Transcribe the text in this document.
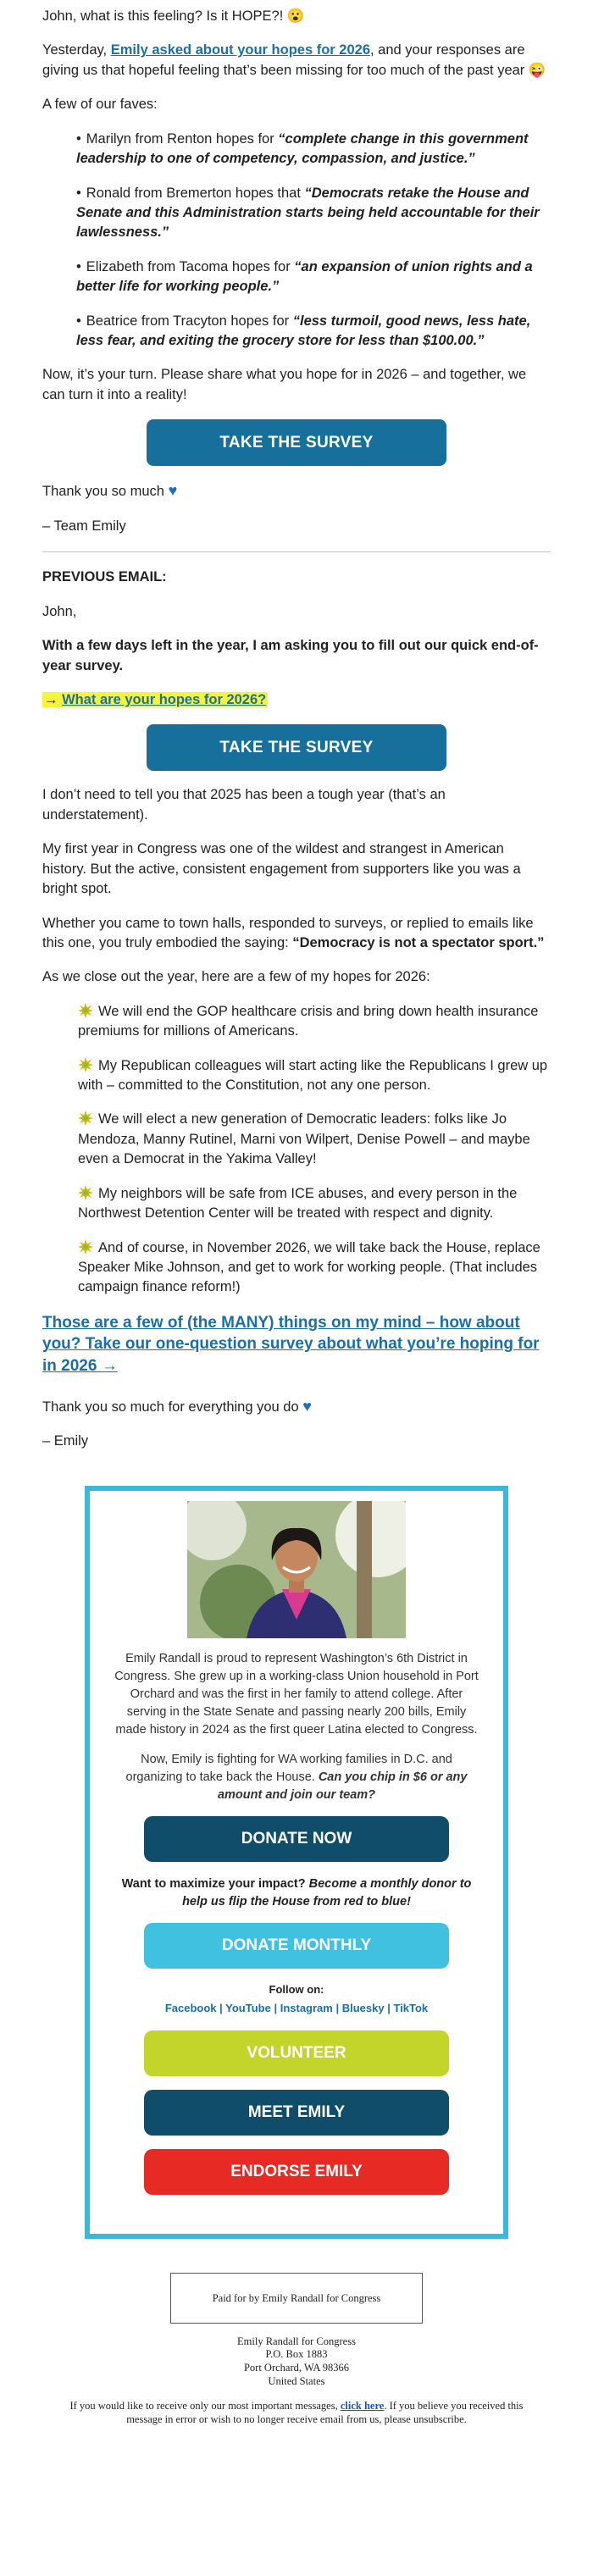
John, what is this feeling? Is it HOPE?! 😮

Yesterday, Emily asked about your hopes for 2026, and your responses are giving us that hopeful feeling that’s been missing for too much of the past year 😜

A few of our faves:

• Marilyn from Renton hopes for “complete change in this government leadership to one of competency, compassion, and justice.”
• Ronald from Bremerton hopes that “Democrats retake the House and Senate and this Administration starts being held accountable for their lawlessness.”
• Elizabeth from Tacoma hopes for “an expansion of union rights and a better life for working people.”
• Beatrice from Tracyton hopes for “less turmoil, good news, less hate, less fear, and exiting the grocery store for less than $100.00.”

Now, it’s your turn. Please share what you hope for in 2026 – and together, we can turn it into a reality!

TAKE THE SURVEY

Thank you so much ♥

– Team Emily

PREVIOUS EMAIL:

John,

With a few days left in the year, I am asking you to fill out our quick end-of-year survey.

→ What are your hopes for 2026?

TAKE THE SURVEY

I don’t need to tell you that 2025 has been a tough year (that’s an understatement).

My first year in Congress was one of the wildest and strangest in American history. But the active, consistent engagement from supporters like you was a bright spot.

Whether you came to town halls, responded to surveys, or replied to emails like this one, you truly embodied the saying: “Democracy is not a spectator sport.”

As we close out the year, here are a few of my hopes for 2026:

We will end the GOP healthcare crisis and bring down health insurance premiums for millions of Americans.
My Republican colleagues will start acting like the Republicans I grew up with – committed to the Constitution, not any one person.
We will elect a new generation of Democratic leaders: folks like Jo Mendoza, Manny Rutinel, Marni von Wilpert, Denise Powell – and maybe even a Democrat in the Yakima Valley!
My neighbors will be safe from ICE abuses, and every person in the Northwest Detention Center will be treated with respect and dignity.
And of course, in November 2026, we will take back the House, replace Speaker Mike Johnson, and get to work for working people. (That includes campaign finance reform!)
Those are a few of (the MANY) things on my mind – how about you? Take our one-question survey about what you’re hoping for in 2026 →

Thank you so much for everything you do ♥

– Emily

Emily Randall is proud to represent Washington’s 6th District in Congress. She grew up in a working-class Union household in Port Orchard and was the first in her family to attend college. After serving in the State Senate and passing nearly 200 bills, Emily made history in 2024 as the first queer Latina elected to Congress.

Now, Emily is fighting for WA working families in D.C. and organizing to take back the House. Can you chip in $6 or any amount and join our team?

DONATE NOW

Want to maximize your impact? Become a monthly donor to help us flip the House from red to blue!

DONATE MONTHLY
Follow on:
Facebook | YouTube | Instagram | Bluesky | TikTok
VOLUNTEER
MEET EMILY
ENDORSE EMILY
Paid for by Emily Randall for Congress
Emily Randall for Congress
P.O. Box 1883
Port Orchard, WA 98366
United States
If you would like to receive only our most important messages, click here. If you believe you received this message in error or wish to no longer receive email from us, please unsubscribe.
